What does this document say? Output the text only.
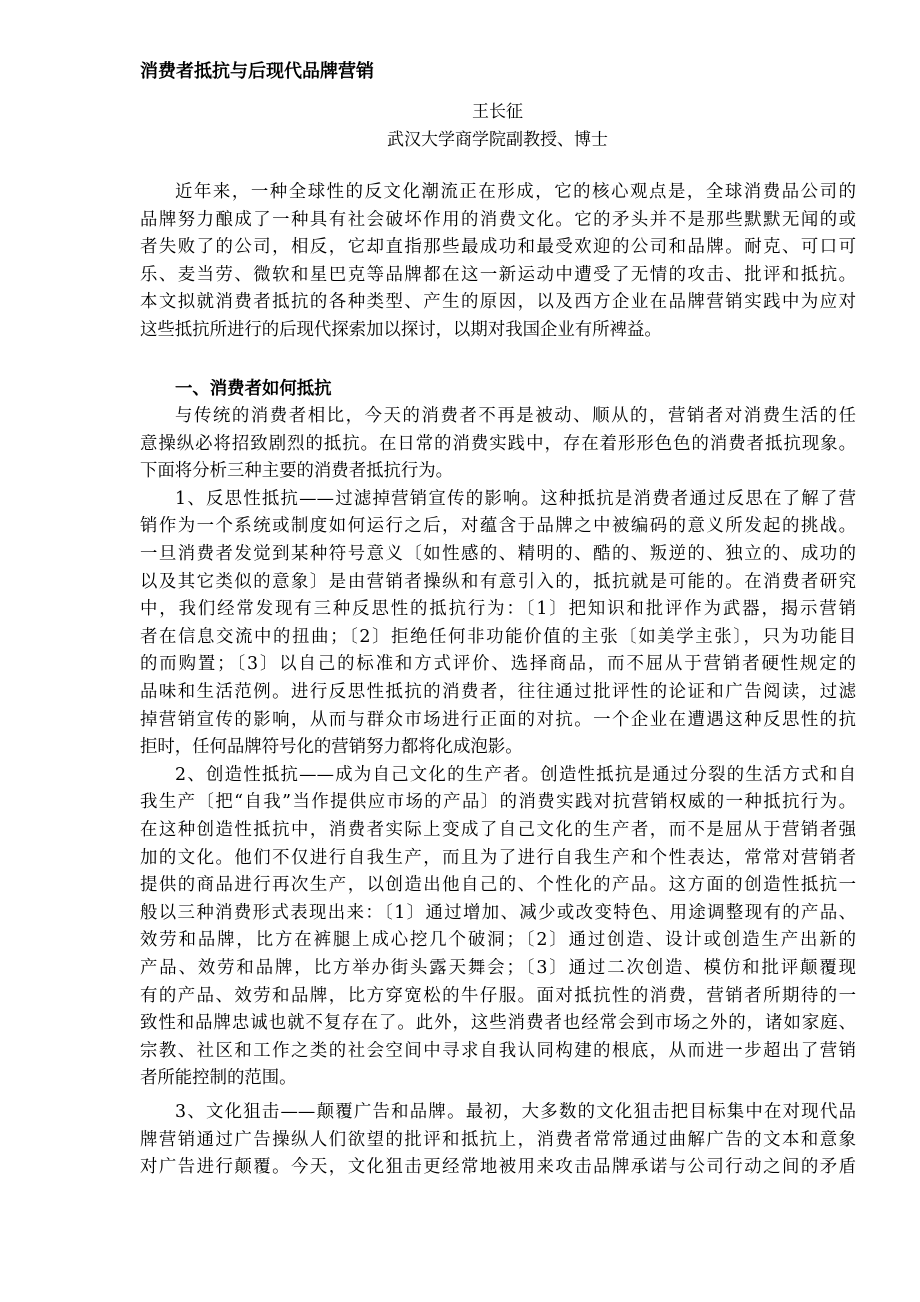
消费者抵抗与后现代品牌营销
王长征
武汉大学商学院副教授、博士
近年来，一种全球性的反文化潮流正在形成，它的核心观点是，全球消费品公司的
品牌努力酿成了一种具有社会破坏作用的消费文化。它的矛头并不是那些默默无闻的或
者失败了的公司，相反，它却直指那些最成功和最受欢迎的公司和品牌。耐克、可口可
乐、麦当劳、微软和星巴克等品牌都在这一新运动中遭受了无情的攻击、批评和抵抗。
本文拟就消费者抵抗的各种类型、产生的原因，以及西方企业在品牌营销实践中为应对
这些抵抗所进行的后现代探索加以探讨，以期对我国企业有所裨益。
一、消费者如何抵抗
与传统的消费者相比，今天的消费者不再是被动、顺从的，营销者对消费生活的任
意操纵必将招致剧烈的抵抗。在日常的消费实践中，存在着形形色色的消费者抵抗现象。
下面将分析三种主要的消费者抵抗行为。
1、反思性抵抗——过滤掉营销宣传的影响。这种抵抗是消费者通过反思在了解了营
销作为一个系统或制度如何运行之后，对蕴含于品牌之中被编码的意义所发起的挑战。
一旦消费者发觉到某种符号意义〔如性感的、精明的、酷的、叛逆的、独立的、成功的
以及其它类似的意象〕是由营销者操纵和有意引入的，抵抗就是可能的。在消费者研究
中，我们经常发现有三种反思性的抵抗行为：〔1〕把知识和批评作为武器，揭示营销
者在信息交流中的扭曲；〔2〕拒绝任何非功能价值的主张〔如美学主张〕，只为功能目
的而购置；〔3〕以自己的标准和方式评价、选择商品，而不屈从于营销者硬性规定的
品味和生活范例。进行反思性抵抗的消费者，往往通过批评性的论证和广告阅读，过滤
掉营销宣传的影响，从而与群众市场进行正面的对抗。一个企业在遭遇这种反思性的抗
拒时，任何品牌符号化的营销努力都将化成泡影。
2、创造性抵抗——成为自己文化的生产者。创造性抵抗是通过分裂的生活方式和自
我生产〔把“自我”当作提供应市场的产品〕的消费实践对抗营销权威的一种抵抗行为。
在这种创造性抵抗中，消费者实际上变成了自己文化的生产者，而不是屈从于营销者强
加的文化。他们不仅进行自我生产，而且为了进行自我生产和个性表达，常常对营销者
提供的商品进行再次生产，以创造出他自己的、个性化的产品。这方面的创造性抵抗一
般以三种消费形式表现出来：〔1〕通过增加、减少或改变特色、用途调整现有的产品、
效劳和品牌，比方在裤腿上成心挖几个破洞；〔2〕通过创造、设计或创造生产出新的
产品、效劳和品牌，比方举办街头露天舞会；〔3〕通过二次创造、模仿和批评颠覆现
有的产品、效劳和品牌，比方穿宽松的牛仔服。面对抵抗性的消费，营销者所期待的一
致性和品牌忠诚也就不复存在了。此外，这些消费者也经常会到市场之外的，诸如家庭、
宗教、社区和工作之类的社会空间中寻求自我认同构建的根底，从而进一步超出了营销
者所能控制的范围。
3、文化狙击——颠覆广告和品牌。最初，大多数的文化狙击把目标集中在对现代品
牌营销通过广告操纵人们欲望的批评和抵抗上，消费者常常通过曲解广告的文本和意象
对广告进行颠覆。今天，文化狙击更经常地被用来攻击品牌承诺与公司行动之间的矛盾
